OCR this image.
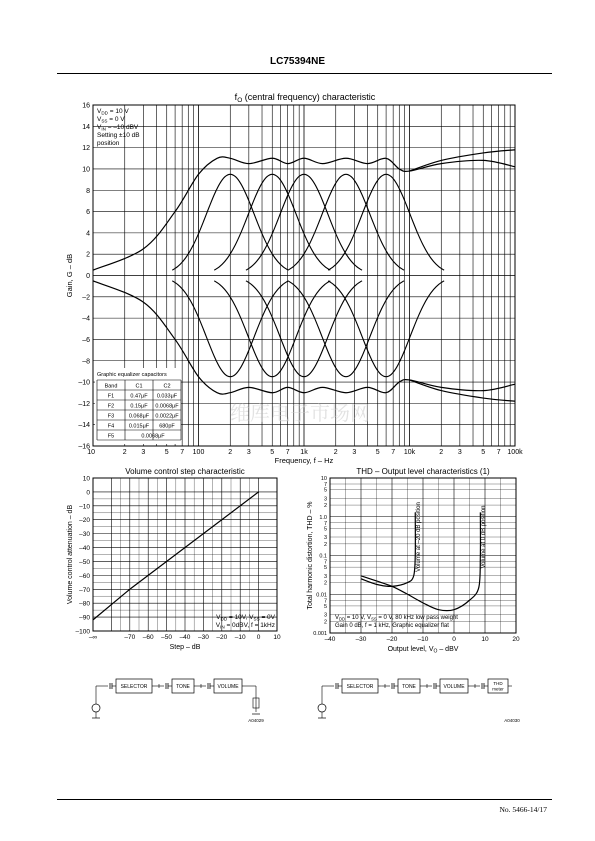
LC75394NE
No. 5466-14/17
$f_O$ (central frequency) characteristic
16
14
12
10
8
6
4
2
0
–2
–4
–6
–8
–10
–12
–14
–16
10	100	1k	10k	100k
2 3	5 7	2 3	5 7	2 3	5 7	2 3	5 7
Frequency, f – Hz
Gain, G – dB
$V_{DD} = 10$ V
$V_{SS} = 0$ V
$V_{IN} = -10$ dBV
Setting ±10 dB
position
Graphic equalizer capacitors
Band	C1	C2
F1	0.47μF 0.033μF
F2	0.15μF 0.0068μF
F3	0.068μF 0.0022μF
F4	0.015μF 680pF
F5	0.0068μF
Volume control step characteristic
10
0
–10
–20
–30
–40
–50
–60
–70
–80
–90
–100
–∞	–70 –60 –50 –40 –30 –20 –10 0 10
Step – dB
Volume control attenuation – dB
$V_{DD} = 10V$, $V_{SS} = 0V$
$V_{IN} = 0dBV$, f = 1kHz
THD – Output level characteristics (1)
10
7
5
3
2
1.0
7
5
3
2
0.1
7
5
3
2
0.01
7
5
3
2
0.001
–40	–30	–20	–10	0	10	20
Output level, $V_O$ – dBV
Total harmonic distortion, THD – %	Volume at –20 dB position	Volume at 0 dB position
$V_{DD} = 10$ V, $V_{SS} = 0$ V, 80 kHz low pass weight
Gain 0 dB, f = 1 kHz, Graphic equalizer flat
SELECTOR	TONE	VOLUME
A04029
SELECTOR	TONE	VOLUME
THD
meter
A04030
维库电子市场网
